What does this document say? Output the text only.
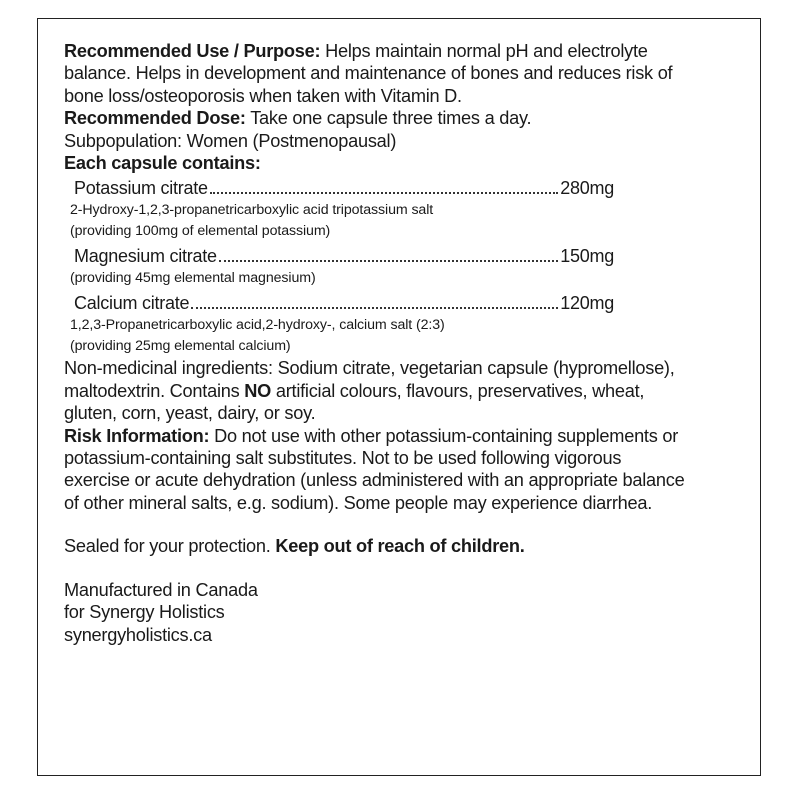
Recommended Use / Purpose: Helps maintain normal pH and electrolyte
balance. Helps in development and maintenance of bones and reduces risk of
bone loss/osteoporosis when taken with Vitamin D.
Recommended Dose: Take one capsule three times a day.
Subpopulation: Women (Postmenopausal)
Each capsule contains:
Potassium citrate	280mg
2-Hydroxy-1,2,3-propanetricarboxylic acid tripotassium salt
(providing 100mg of elemental potassium)
Magnesium citrate	150mg
(providing 45mg elemental magnesium)
Calcium citrate	120mg
1,2,3-Propanetricarboxylic acid,2-hydroxy-, calcium salt (2:3)
(providing 25mg elemental calcium)
Non-medicinal ingredients: Sodium citrate, vegetarian capsule (hypromellose),
maltodextrin. Contains NO artificial colours, flavours, preservatives, wheat,
gluten, corn, yeast, dairy, or soy.
Risk Information: Do not use with other potassium-containing supplements or
potassium-containing salt substitutes. Not to be used following vigorous
exercise or acute dehydration (unless administered with an appropriate balance
of other mineral salts, e.g. sodium). Some people may experience diarrhea.
Sealed for your protection. Keep out of reach of children.
Manufactured in Canada
for Synergy Holistics
synergyholistics.ca
